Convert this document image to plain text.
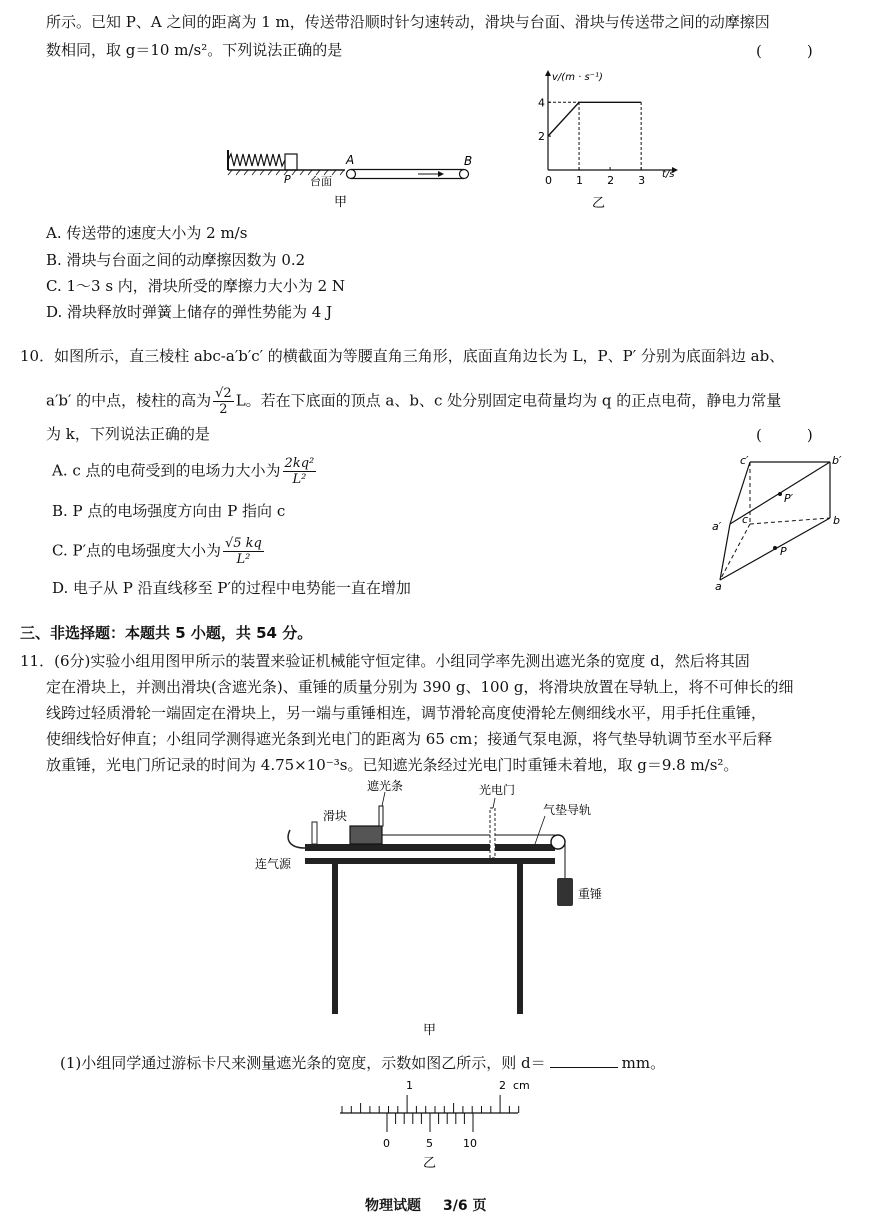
所示。已知 P、A 之间的距离为 1 m，传送带沿顺时针匀速转动，滑块与台面、滑块与传送带之间的动摩擦因
数相同，取 g＝10 m/s²。下列说法正确的是	(　　　)
A	B
P 台面
甲
0 1 2 3
2
4
v/(m · s⁻¹)
t/s
乙
A. 传送带的速度大小为 2 m/s
B. 滑块与台面之间的动摩擦因数为 0.2
C. 1～3 s 内，滑块所受的摩擦力大小为 2 N
D. 滑块释放时弹簧上储存的弹性势能为 4 J
10．如图所示，直三棱柱 abc-a′b′c′ 的横截面为等腰直角三角形，底面直角边长为 L，P、P′ 分别为底面斜边 ab、
a′b′ 的中点，棱柱的高为 $\frac{√2}{2}$ L。若在下底面的顶点 a、b、c 处分别固定电荷量均为 q 的正点电荷，静电力常量
为 k，下列说法正确的是	(　　　)
A. c 点的电荷受到的电场力大小为 $\frac{\text{2kq²}}{\text{L²}}$
B. P 点的电场强度方向由 P 指向 c
C. P′点的电场强度大小为 $\frac{√5 kq}{\text{L²}}$
D. 电子从 P 沿直线移至 P′的过程中电势能一直在增加
c′	b′
a′
c	b
a
P′
P
三、非选择题：本题共 5 小题，共 54 分。
11．(6分)实验小组用图甲所示的装置来验证机械能守恒定律。小组同学率先测出遮光条的宽度 d，然后将其固
定在滑块上，并测出滑块(含遮光条)、重锤的质量分别为 390 g、100 g，将滑块放置在导轨上，将不可伸长的细
线跨过轻质滑轮一端固定在滑块上，另一端与重锤相连，调节滑轮高度使滑轮左侧细线水平，用手托住重锤，
使细线恰好伸直；小组同学测得遮光条到光电门的距离为 65 cm；接通气泵电源，将气垫导轨调节至水平后释
放重锤，光电门所记录的时间为 4.75×10⁻³s。已知遮光条经过光电门时重锤未着地，取 g＝9.8 m/s²。
遮光条
滑块
光电门
气垫导轨
连气源
重锤
甲
(1)小组同学通过游标卡尺来测量遮光条的宽度，示数如图乙所示，则 d＝	mm。
1	2 cm
0	5	10
乙
物理试题 3/6 页
